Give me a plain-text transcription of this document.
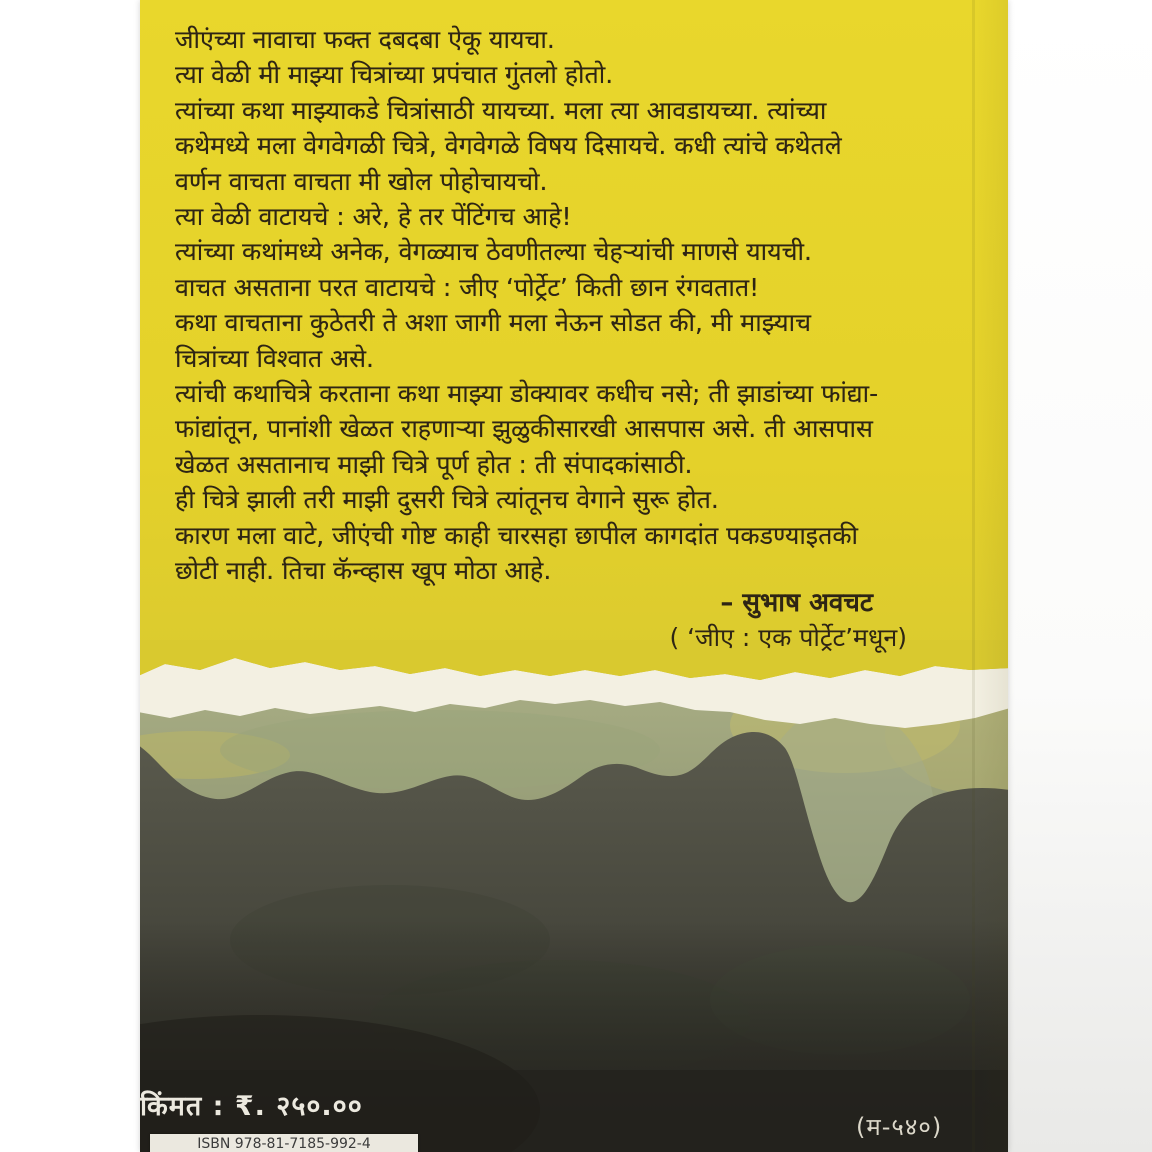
जीएंच्या नावाचा फक्त दबदबा ऐकू यायचा.
त्या वेळी मी माझ्या चित्रांच्या प्रपंचात गुंतलो होतो.
त्यांच्या कथा माझ्याकडे चित्रांसाठी यायच्या. मला त्या आवडायच्या. त्यांच्या
कथेमध्ये मला वेगवेगळी चित्रे, वेगवेगळे विषय दिसायचे. कधी त्यांचे कथेतले
वर्णन वाचता वाचता मी खोल पोहोचायचो.
त्या वेळी वाटायचे : अरे, हे तर पेंटिंगच आहे!
त्यांच्या कथांमध्ये अनेक, वेगळ्याच ठेवणीतल्या चेहऱ्यांची माणसे यायची.
वाचत असताना परत वाटायचे : जीए ‘पोर्ट्रेट’ किती छान रंगवतात!
कथा वाचताना कुठेतरी ते अशा जागी मला नेऊन सोडत की, मी माझ्याच
चित्रांच्या विश्वात असे.
त्यांची कथाचित्रे करताना कथा माझ्या डोक्यावर कधीच नसे; ती झाडांच्या फांद्या-
फांद्यांतून, पानांशी खेळत राहणाऱ्या झुळुकीसारखी आसपास असे. ती आसपास
खेळत असतानाच माझी चित्रे पूर्ण होत : ती संपादकांसाठी.
ही चित्रे झाली तरी माझी दुसरी चित्रे त्यांतूनच वेगाने सुरू होत.
कारण मला वाटे, जीएंची गोष्ट काही चारसहा छापील कागदांत पकडण्याइतकी
छोटी नाही. तिचा कॅन्व्हास खूप मोठा आहे.
– सुभाष अवचट
( ‘जीए : एक पोर्ट्रेट’मधून)
किंमत : ₹. २५०.००
ISBN 978-81-7185-992-4
(म-५४०)
